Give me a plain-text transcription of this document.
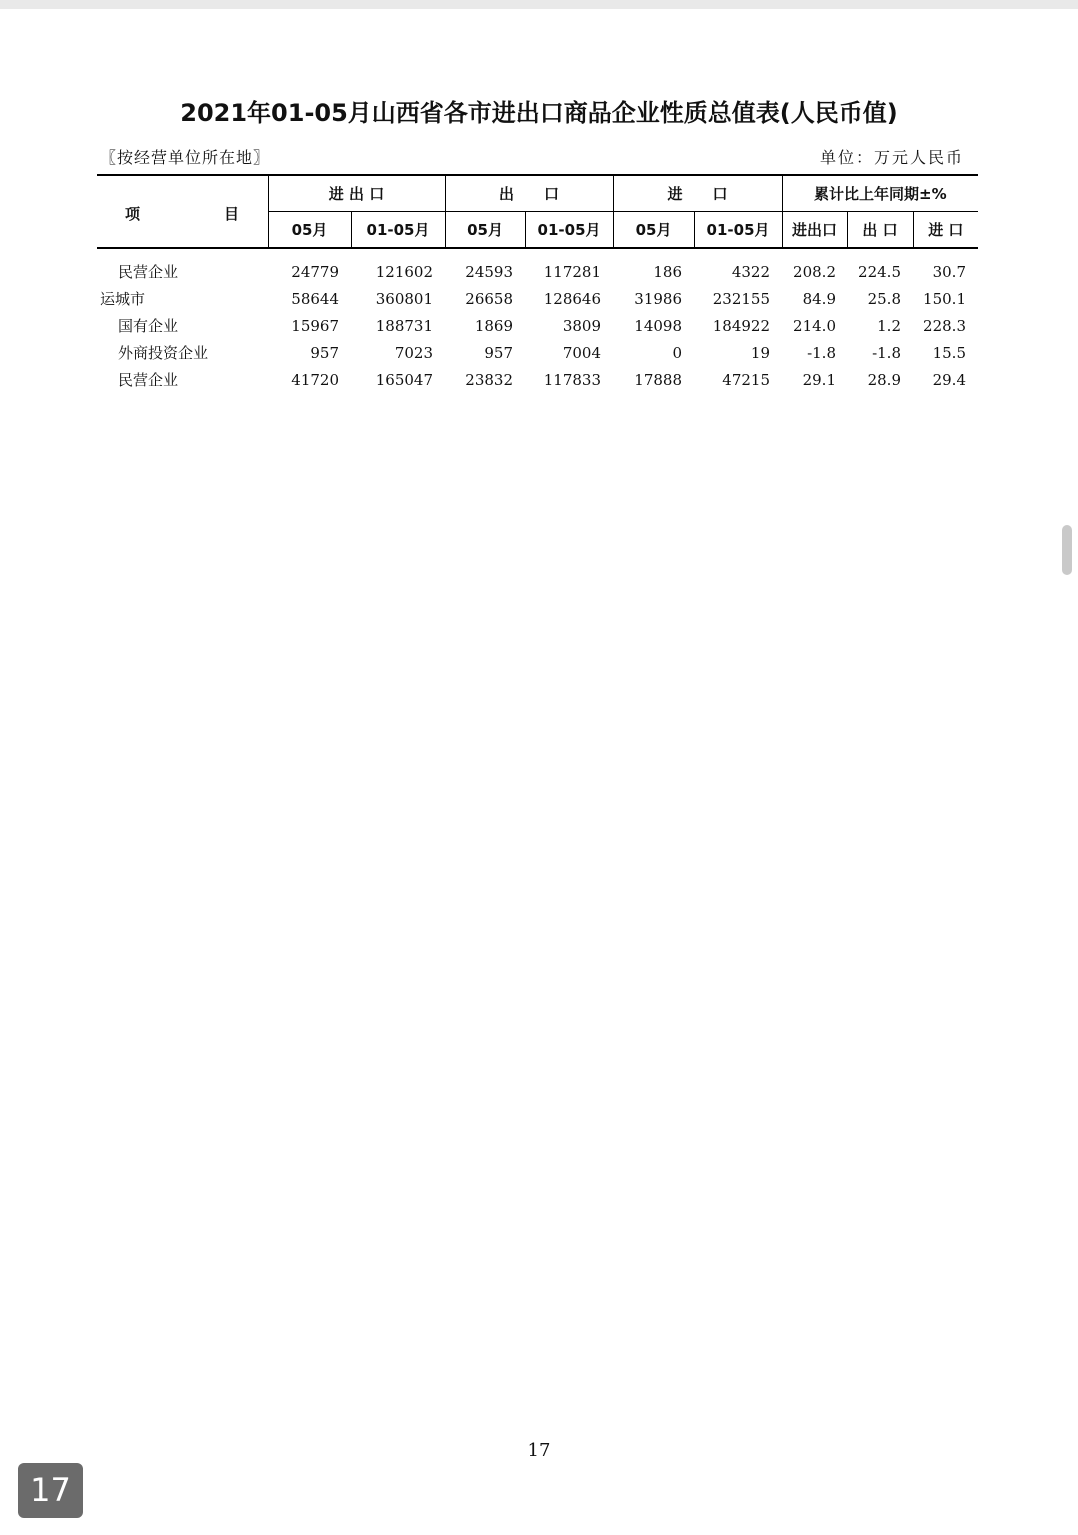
2021年01-05月山西省各市进出口商品企业性质总值表(人民币值)
〖按经营单位所在地〗	单位：万元人民币
项 目	进 出 口		出　　口		进　　口		累计比上年同期±%		
	05月	01-05月	05月	01-05月	05月	01-05月	进出口	出 口	进 口
民营企业	24779	121602	24593	117281	186	4322	208.2	224.5	30.7
运城市	58644	360801	26658	128646	31986	232155	84.9	25.8	150.1
国有企业	15967	188731	1869	3809	14098	184922	214.0	1.2	228.3
外商投资企业	957	7023	957	7004	0	19	-1.8	-1.8	15.5
民营企业	41720	165047	23832	117833	17888	47215	29.1	28.9	29.4
17
17
